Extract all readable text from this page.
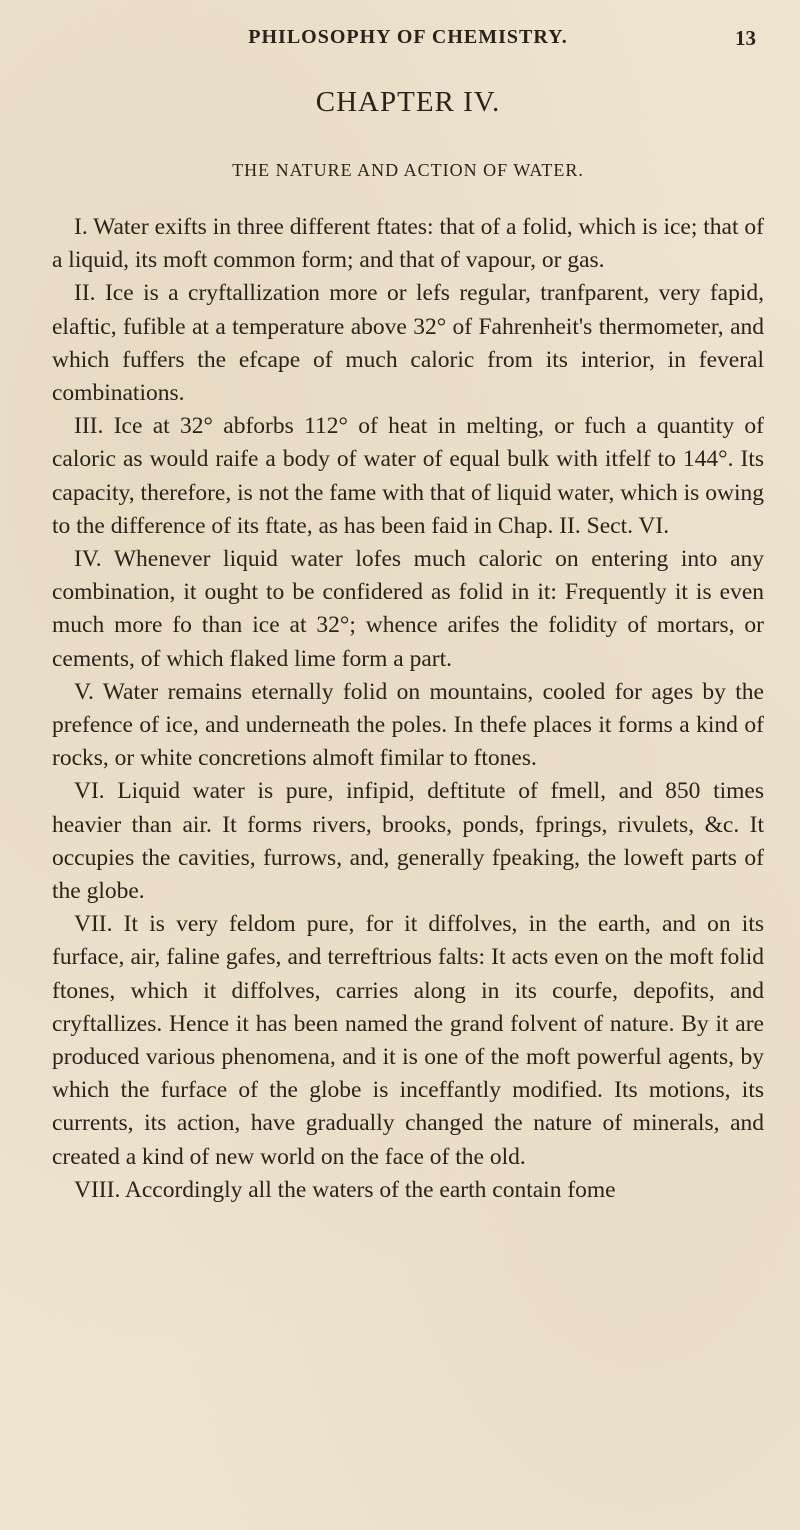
PHILOSOPHY OF CHEMISTRY.	13
CHAPTER IV.
THE NATURE AND ACTION OF WATER.

I. Water exifts in three different ftates: that of a folid, which is ice; that of a liquid, its moft common form; and that of vapour, or gas.

II. Ice is a cryftallization more or lefs regular, tranfparent, very fapid, elaftic, fufible at a temperature above 32° of Fahrenheit's thermometer, and which fuffers the efcape of much caloric from its interior, in feveral combinations.

III. Ice at 32° abforbs 112° of heat in melting, or fuch a quantity of caloric as would raife a body of water of equal bulk with itfelf to 144°. Its capacity, therefore, is not the fame with that of liquid water, which is owing to the difference of its ftate, as has been faid in Chap. II. Sect. VI.

IV. Whenever liquid water lofes much caloric on entering into any combination, it ought to be confidered as folid in it: Frequently it is even much more fo than ice at 32°; whence arifes the folidity of mortars, or cements, of which flaked lime form a part.

V. Water remains eternally folid on mountains, cooled for ages by the prefence of ice, and underneath the poles. In thefe places it forms a kind of rocks, or white concretions almoft fimilar to ftones.

VI. Liquid water is pure, infipid, deftitute of fmell, and 850 times heavier than air. It forms rivers, brooks, ponds, fprings, rivulets, &c. It occupies the cavities, furrows, and, generally fpeaking, the loweft parts of the globe.

VII. It is very feldom pure, for it diffolves, in the earth, and on its furface, air, faline gafes, and terreftrious falts: It acts even on the moft folid ftones, which it diffolves, carries along in its courfe, depofits, and cryftallizes. Hence it has been named the grand folvent of nature. By it are produced various phenomena, and it is one of the moft powerful agents, by which the furface of the globe is inceffantly modified. Its motions, its currents, its action, have gradually changed the nature of minerals, and created a kind of new world on the face of the old.

VIII. Accordingly all the waters of the earth contain fome
